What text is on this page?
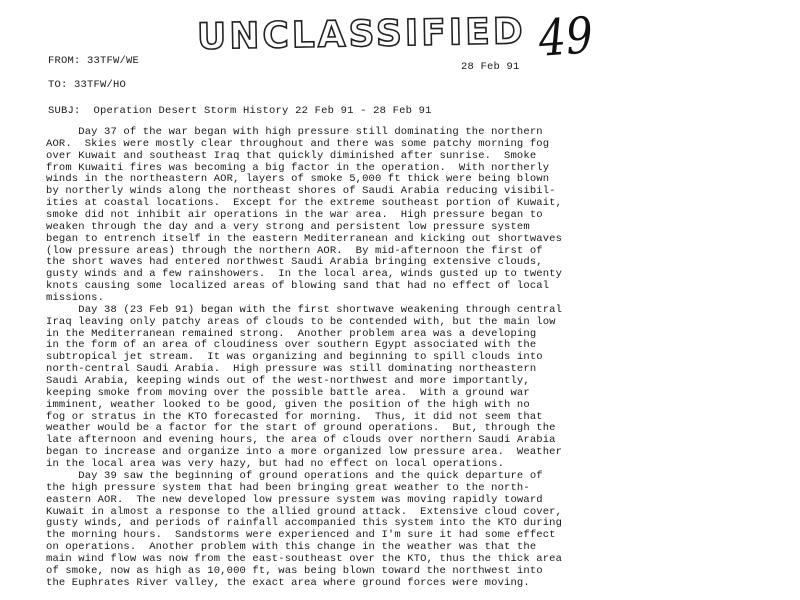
UNCLASSIFIED 49
FROM: 33TFW/WE	28 Feb 91
TO: 33TFW/HO
SUBJ: Operation Desert Storm History 22 Feb 91 - 28 Feb 91
Day 37 of the war began with high pressure still dominating the northern
AOR.  Skies were mostly clear throughout and there was some patchy morning fog
over Kuwait and southeast Iraq that quickly diminished after sunrise.  Smoke
from Kuwaiti fires was becoming a big factor in the operation.  With northerly
winds in the northeastern AOR, layers of smoke 5,000 ft thick were being blown
by northerly winds along the northeast shores of Saudi Arabia reducing visibil-
ities at coastal locations.  Except for the extreme southeast portion of Kuwait,
smoke did not inhibit air operations in the war area.  High pressure began to
weaken through the day and a very strong and persistent low pressure system
began to entrench itself in the eastern Mediterranean and kicking out shortwaves
(low pressure areas) through the northern AOR.  By mid-afternoon the first of
the short waves had entered northwest Saudi Arabia bringing extensive clouds,
gusty winds and a few rainshowers.  In the local area, winds gusted up to twenty
knots causing some localized areas of blowing sand that had no effect of local
missions.
Day 38 (23 Feb 91) began with the first shortwave weakening through central
Iraq leaving only patchy areas of clouds to be contended with, but the main low
in the Mediterranean remained strong.  Another problem area was a developing
in the form of an area of cloudiness over southern Egypt associated with the
subtropical jet stream.  It was organizing and beginning to spill clouds into
north-central Saudi Arabia.  High pressure was still dominating northeastern
Saudi Arabia, keeping winds out of the west-northwest and more importantly,
keeping smoke from moving over the possible battle area.  With a ground war
imminent, weather looked to be good, given the position of the high with no
fog or stratus in the KTO forecasted for morning.  Thus, it did not seem that
weather would be a factor for the start of ground operations.  But, through the
late afternoon and evening hours, the area of clouds over northern Saudi Arabia
began to increase and organize into a more organized low pressure area.  Weather
in the local area was very hazy, but had no effect on local operations.
Day 39 saw the beginning of ground operations and the quick departure of
the high pressure system that had been bringing great weather to the north-
eastern AOR.  The new developed low pressure system was moving rapidly toward
Kuwait in almost a response to the allied ground attack.  Extensive cloud cover,
gusty winds, and periods of rainfall accompanied this system into the KTO during
the morning hours.  Sandstorms were experienced and I'm sure it had some effect
on operations.  Another problem with this change in the weather was that the
main wind flow was now from the east-southeast over the KTO, thus the thick area
of smoke, now as high as 10,000 ft, was being blown toward the northwest into
the Euphrates River valley, the exact area where ground forces were moving.
